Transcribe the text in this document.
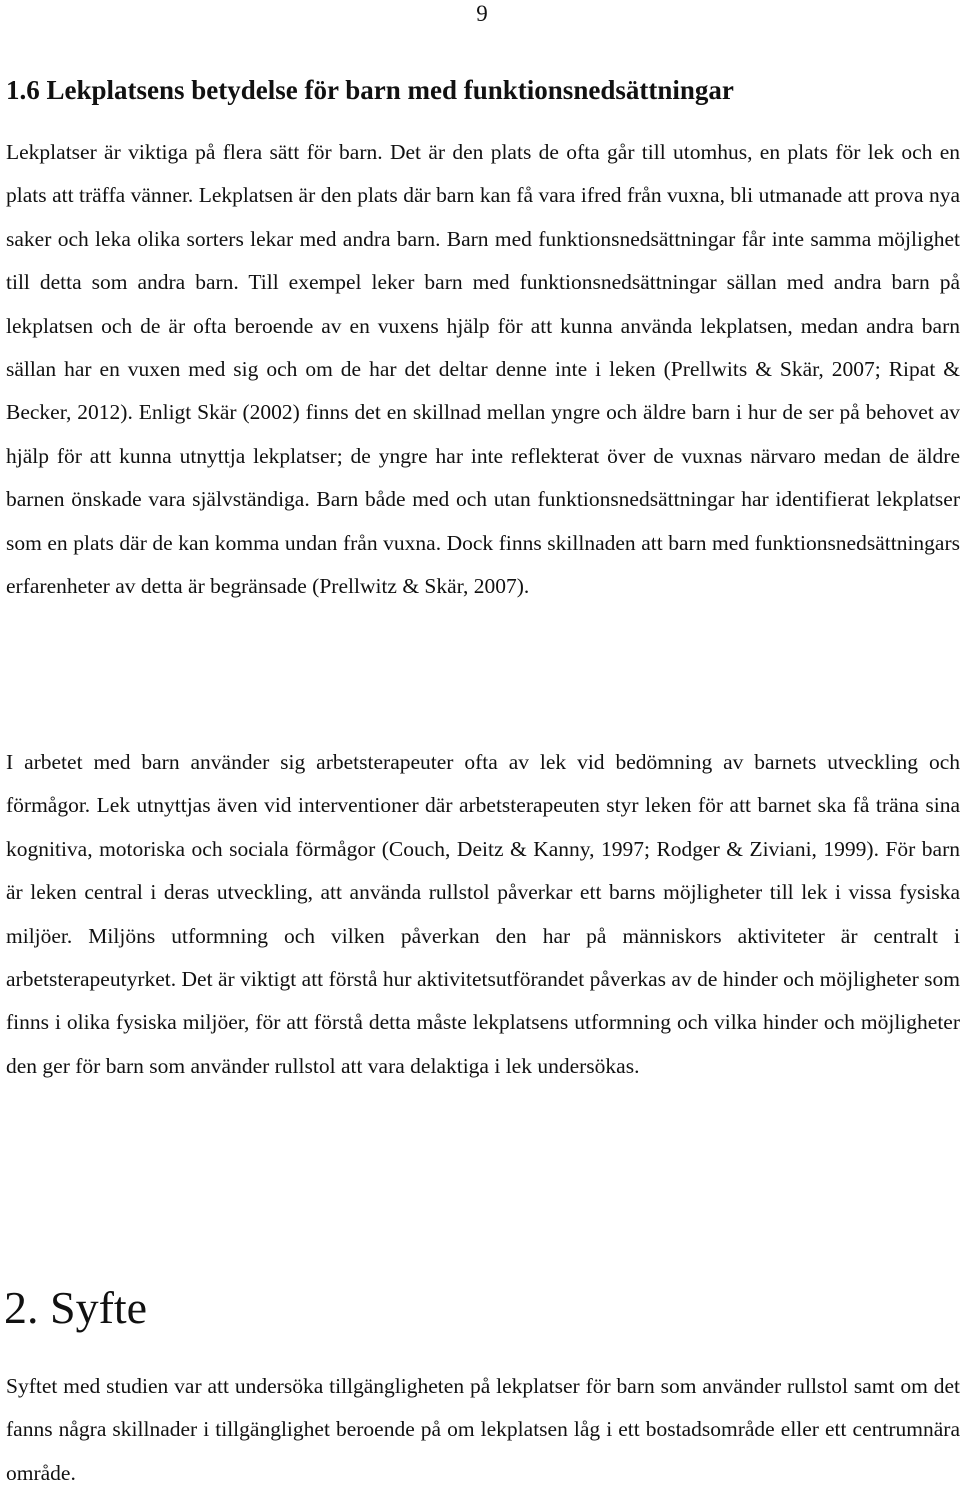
9
1.6 Lekplatsens betydelse för barn med funktionsnedsättningar

Lekplatser är viktiga på flera sätt för barn. Det är den plats de ofta går till utomhus, en plats för lek och en plats att träffa vänner. Lekplatsen är den plats där barn kan få vara ifred från vuxna, bli utmanade att prova nya saker och leka olika sorters lekar med andra barn. Barn med funktionsnedsättningar får inte samma möjlighet till detta som andra barn. Till exempel leker barn med funktionsnedsättningar sällan med andra barn på lekplatsen och de är ofta beroende av en vuxens hjälp för att kunna använda lekplatsen, medan andra barn sällan har en vuxen med sig och om de har det deltar denne inte i leken (Prellwits & Skär, 2007; Ripat & Becker, 2012). Enligt Skär (2002) finns det en skillnad mellan yngre och äldre barn i hur de ser på behovet av hjälp för att kunna utnyttja lekplatser; de yngre har inte reflekterat över de vuxnas närvaro medan de äldre barnen önskade vara självständiga. Barn både med och utan funktionsnedsättningar har identifierat lekplatser som en plats där de kan komma undan från vuxna. Dock finns skillnaden att barn med funktionsnedsättningars erfarenheter av detta är begränsade (Prellwitz & Skär, 2007).

I arbetet med barn använder sig arbetsterapeuter ofta av lek vid bedömning av barnets utveckling och förmågor. Lek utnyttjas även vid interventioner där arbetsterapeuten styr leken för att barnet ska få träna sina kognitiva, motoriska och sociala förmågor (Couch, Deitz & Kanny, 1997; Rodger & Ziviani, 1999). För barn är leken central i deras utveckling, att använda rullstol påverkar ett barns möjligheter till lek i vissa fysiska miljöer. Miljöns utformning och vilken påverkan den har på människors aktiviteter är centralt i arbetsterapeutyrket. Det är viktigt att förstå hur aktivitetsutförandet påverkas av de hinder och möjligheter som finns i olika fysiska miljöer, för att förstå detta måste lekplatsens utformning och vilka hinder och möjligheter den ger för barn som använder rullstol att vara delaktiga i lek undersökas.

2. Syfte

Syftet med studien var att undersöka tillgängligheten på lekplatser för barn som använder rullstol samt om det fanns några skillnader i tillgänglighet beroende på om lekplatsen låg i ett bostadsområde eller ett centrumnära område.
